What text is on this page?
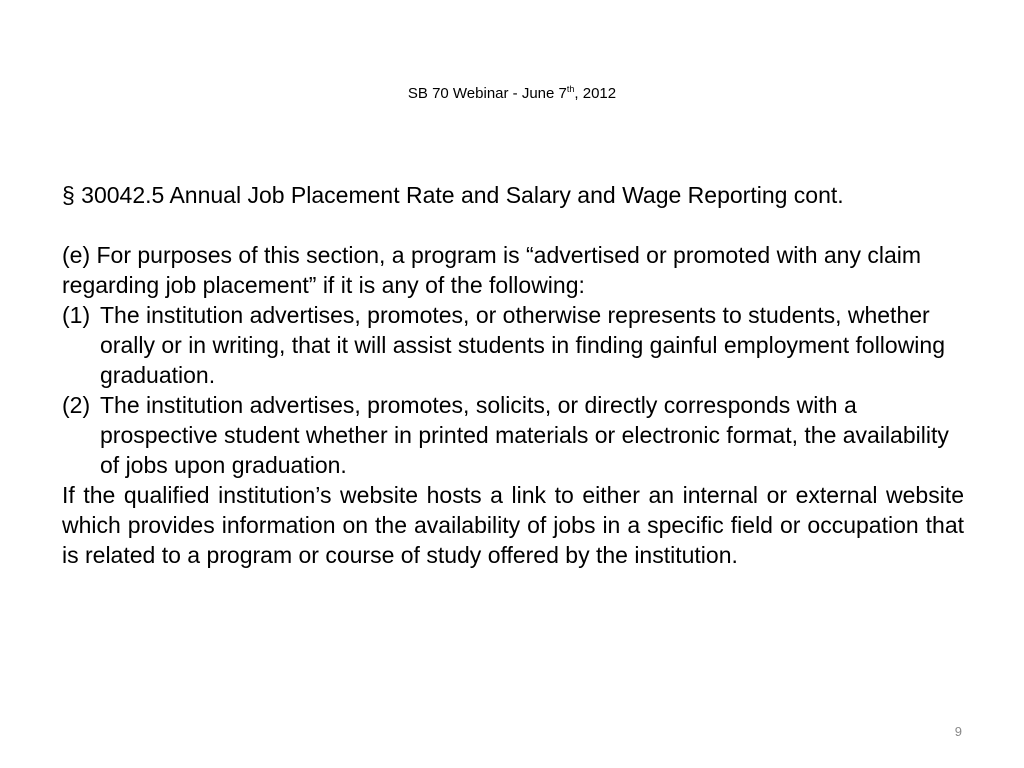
SB 70 Webinar - June 7th, 2012

§ 30042.5 Annual Job Placement Rate and Salary and Wage Reporting cont.

(e) For purposes of this section, a program is “advertised or promoted with any claim regarding job placement” if it is any of the following:

(1) The institution advertises, promotes, or otherwise represents to students, whether orally or in writing, that it will assist students in finding gainful employment following graduation.
(2) The institution advertises, promotes, solicits, or directly corresponds with a prospective student whether in printed materials or electronic format, the availability of jobs upon graduation.

If the qualified institution’s website hosts a link to either an internal or external website which provides information on the availability of jobs in a specific field or occupation that is related to a program or course of study offered by the institution.

9
